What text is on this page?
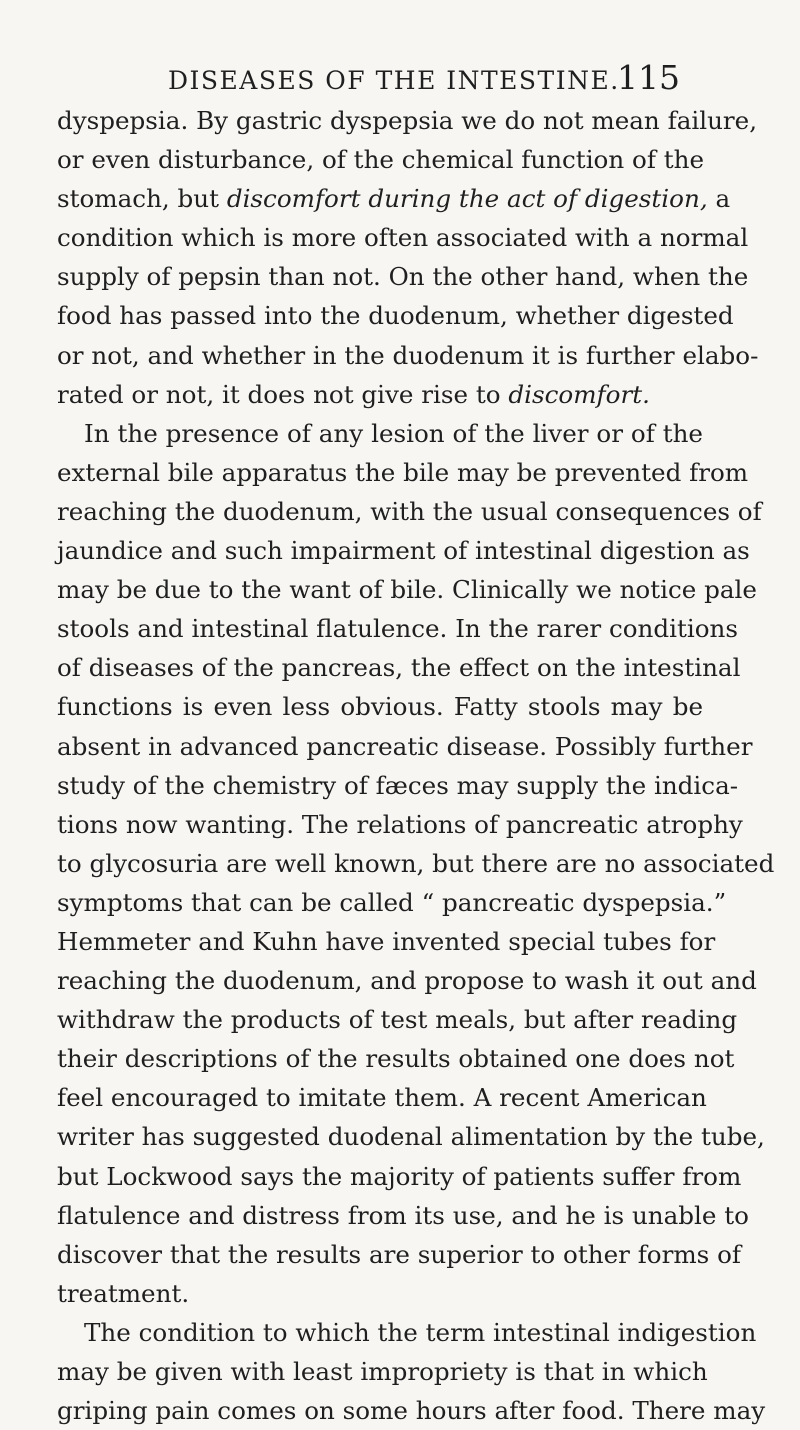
DISEASES OF THE INTESTINE.
115
dyspepsia. By gastric dyspepsia we do not mean failure,
or even disturbance, of the chemical function of the
stomach, but discomfort during the act of digestion, a
condition which is more often associated with a normal
supply of pepsin than not. On the other hand, when the
food has passed into the duodenum, whether digested
or not, and whether in the duodenum it is further elabo-
rated or not, it does not give rise to discomfort.
In the presence of any lesion of the liver or of the
external bile apparatus the bile may be prevented from
reaching the duodenum, with the usual consequences of
jaundice and such impairment of intestinal digestion as
may be due to the want of bile. Clinically we notice pale
stools and intestinal flatulence. In the rarer conditions
of diseases of the pancreas, the effect on the intestinal
functions is even less obvious. Fatty stools may be
absent in advanced pancreatic disease. Possibly further
study of the chemistry of fæces may supply the indica-
tions now wanting. The relations of pancreatic atrophy
to glycosuria are well known, but there are no associated
symptoms that can be called “ pancreatic dyspepsia.”
Hemmeter and Kuhn have invented special tubes for
reaching the duodenum, and propose to wash it out and
withdraw the products of test meals, but after reading
their descriptions of the results obtained one does not
feel encouraged to imitate them. A recent American
writer has suggested duodenal alimentation by the tube,
but Lockwood says the majority of patients suffer from
flatulence and distress from its use, and he is unable to
discover that the results are superior to other forms of
treatment.
The condition to which the term intestinal indigestion
may be given with least impropriety is that in which
griping pain comes on some hours after food. There may
